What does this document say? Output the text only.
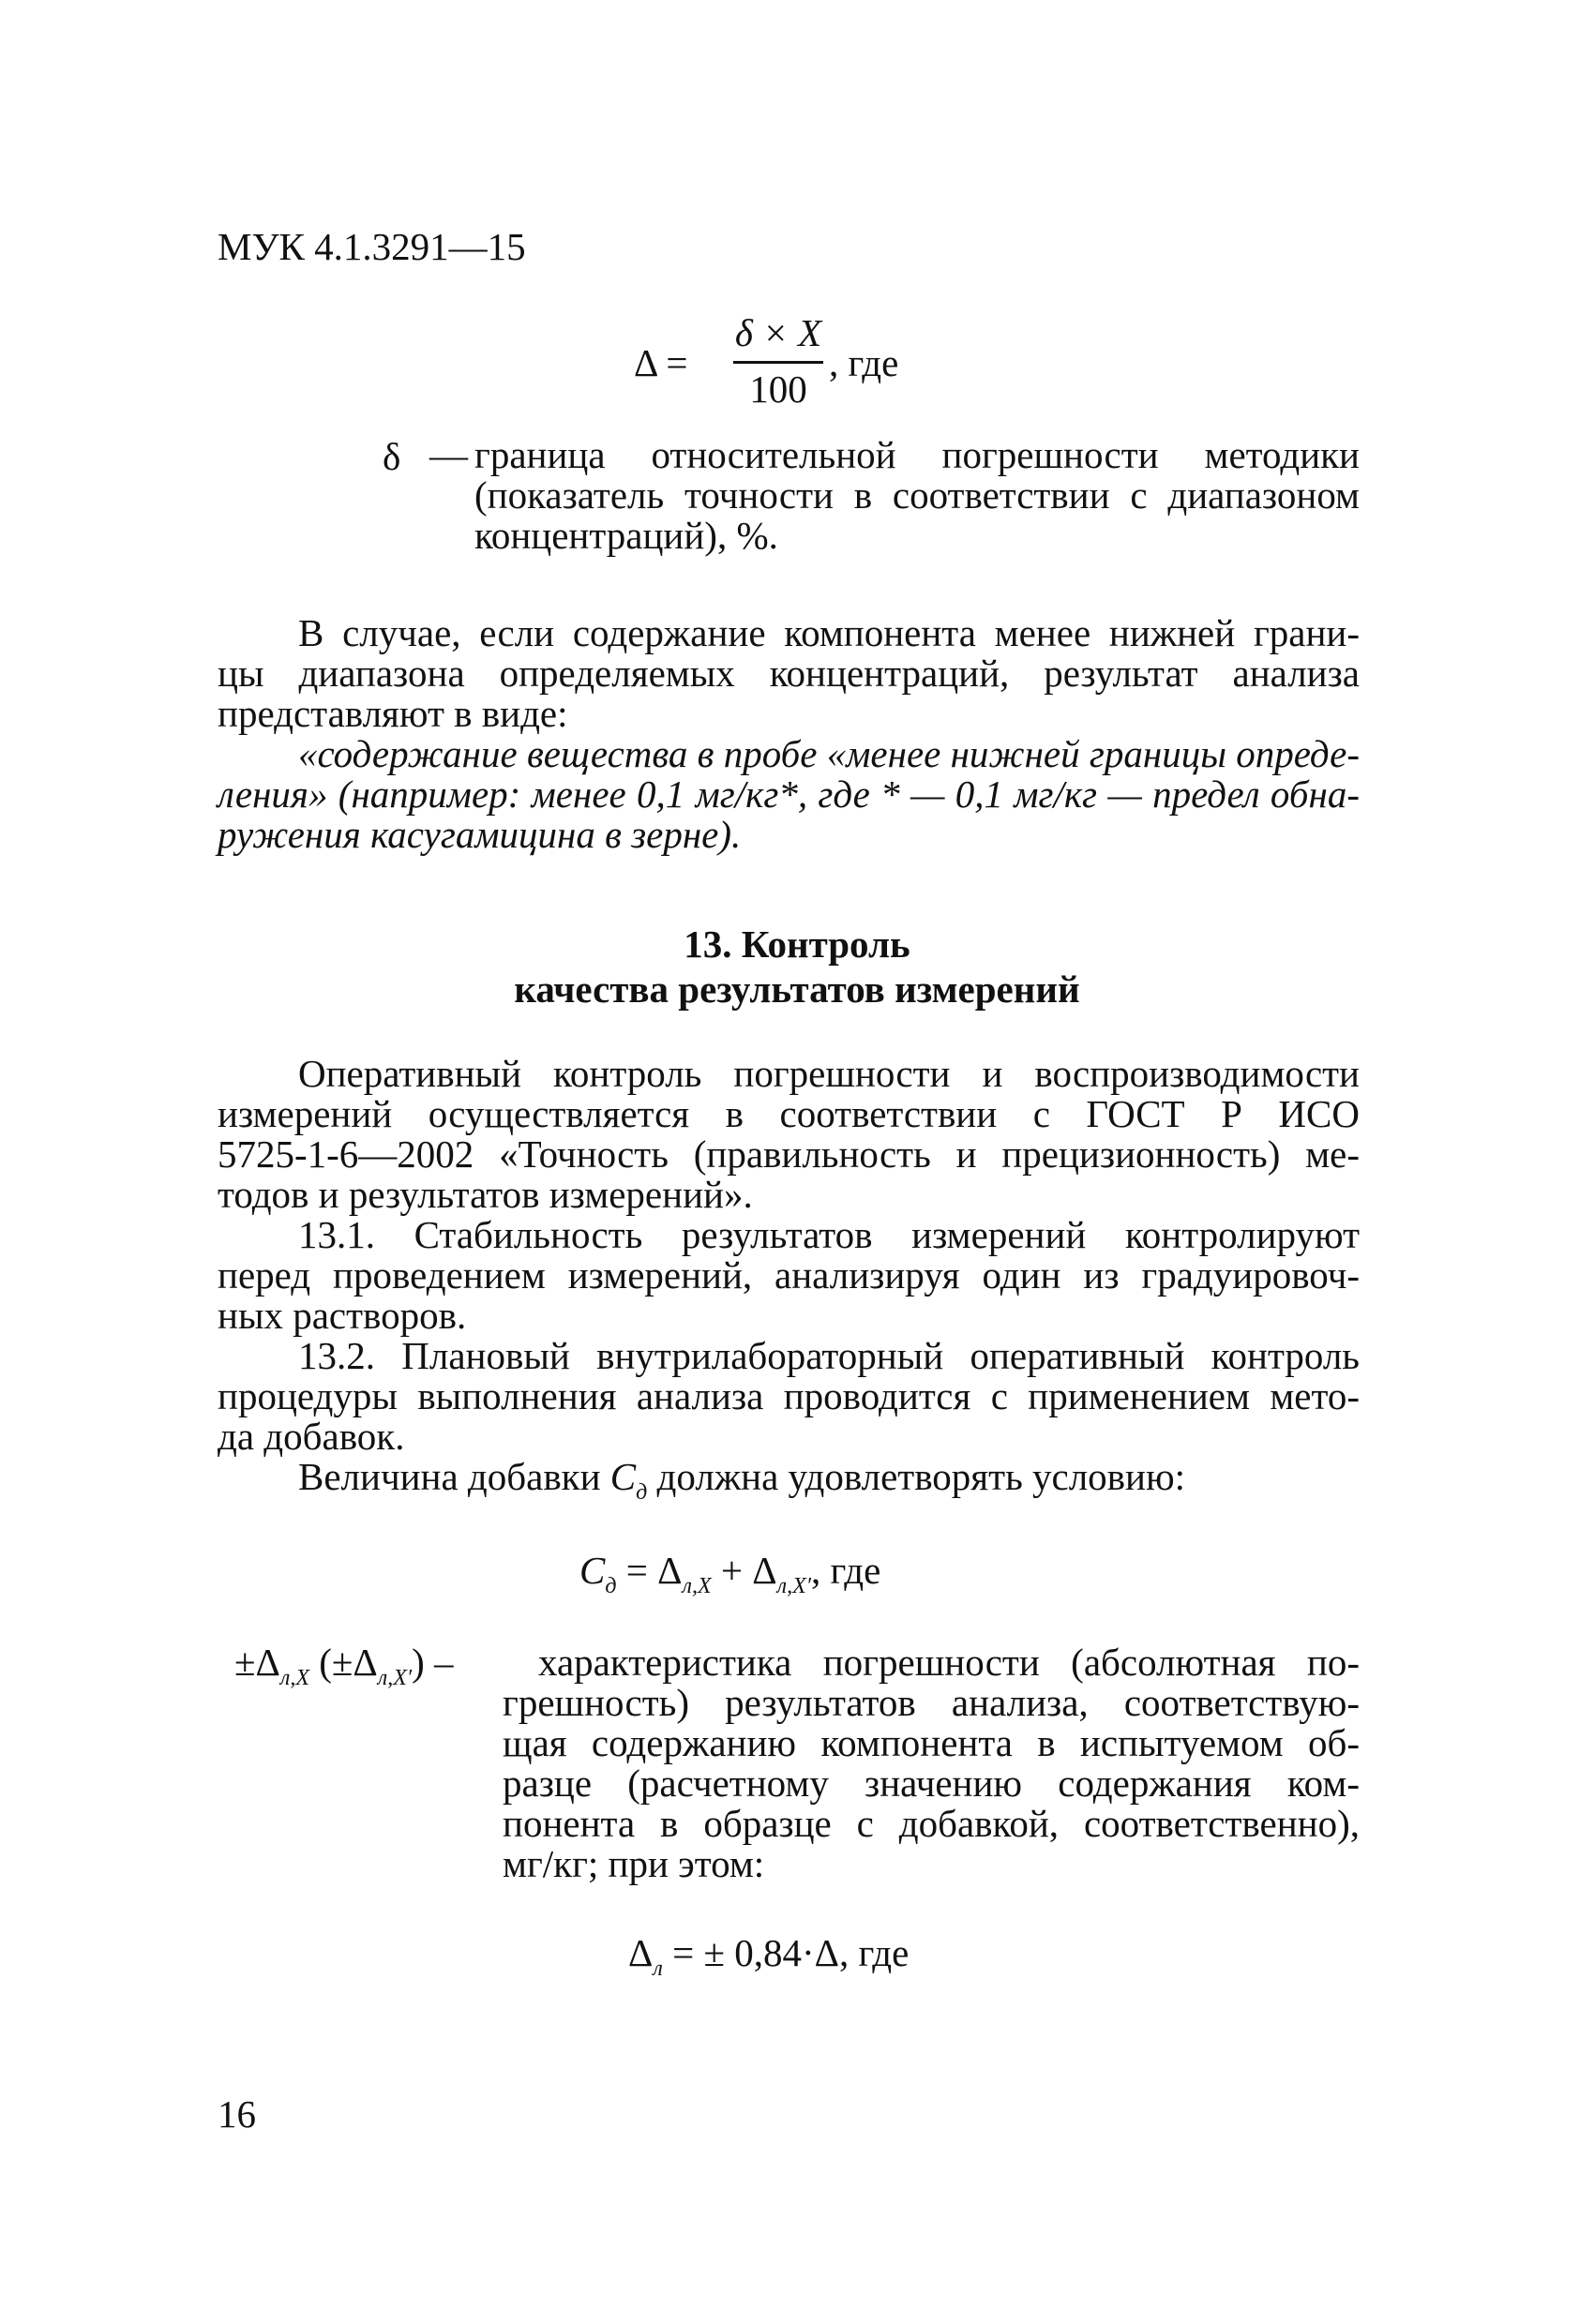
МУК 4.1.3291—15
Δ =
δ × X
100
, где
δ — граница относительной погрешности методики
(показатель точности в соответствии с диапазоном
концентраций), %.
В случае, если содержание компонента менее нижней грани-
цы диапазона определяемых концентраций, результат анализа
представляют в виде:
«содержание вещества в пробе «менее нижней границы опреде-
ления» (например: менее 0,1 мг/кг*, где * — 0,1 мг/кг — предел обна-
ружения касугамицина в зерне).
13. Контроль
качества результатов измерений
Оперативный контроль погрешности и воспроизводимости
измерений осуществляется в соответствии с ГОСТ Р ИСО
5725-1-6—2002 «Точность (правильность и прецизионность) ме-
тодов и результатов измерений».
13.1. Стабильность результатов измерений контролируют
перед проведением измерений, анализируя один из градуировоч-
ных растворов.
13.2. Плановый внутрилабораторный оперативный контроль
процедуры выполнения анализа проводится с применением мето-
да добавок.
Величина добавки $C_д$ должна удовлетворять условию:
$C_д = \Delta_{л,X} + \Delta_{л,X'}$, где
$\pm\Delta_{л,X}$ $(\pm\Delta_{л,X'})$ – характеристика погрешности (абсолютная по-
грешность) результатов анализа, соответствую-
щая содержанию компонента в испытуемом об-
разце (расчетному значению содержания ком-
понента в образце с добавкой, соответственно),
мг/кг; при этом:
$\Delta_л$ = ± 0,84·Δ, где
16
